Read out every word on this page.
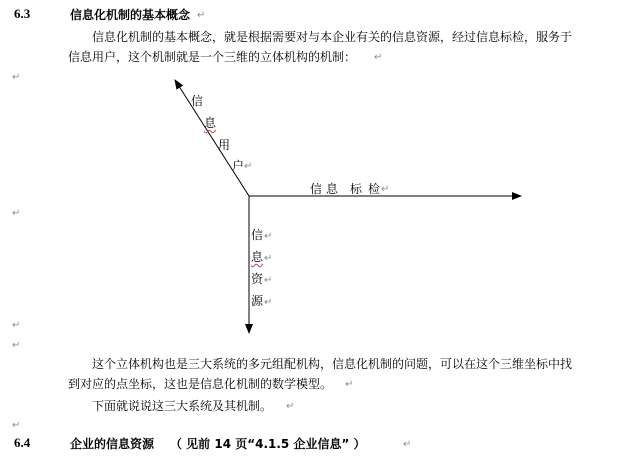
6.3	信息化机制的基本概念 ↵
信息化机制的基本概念，就是根据需要对与本企业有关的信息资源，经过信息标检，服务于
信息用户，这个机制就是一个三维的立体机构的机制： ↵
↵
信
息
用
户 ↵
信 息 标 检 ↵
↵
信 ↵
息 ↵
资 ↵
源 ↵
↵
↵
这个立体机构也是三大系统的多元组配机构，信息化机制的问题，可以在这个三维坐标中找
到对应的点坐标，这也是信息化机制的数学模型。 ↵
下面就说说这三大系统及其机制。 ↵
↵
6.4	企业的信息资源 （ 见前 14 页“4.1.5 企业信息” ）	↵
